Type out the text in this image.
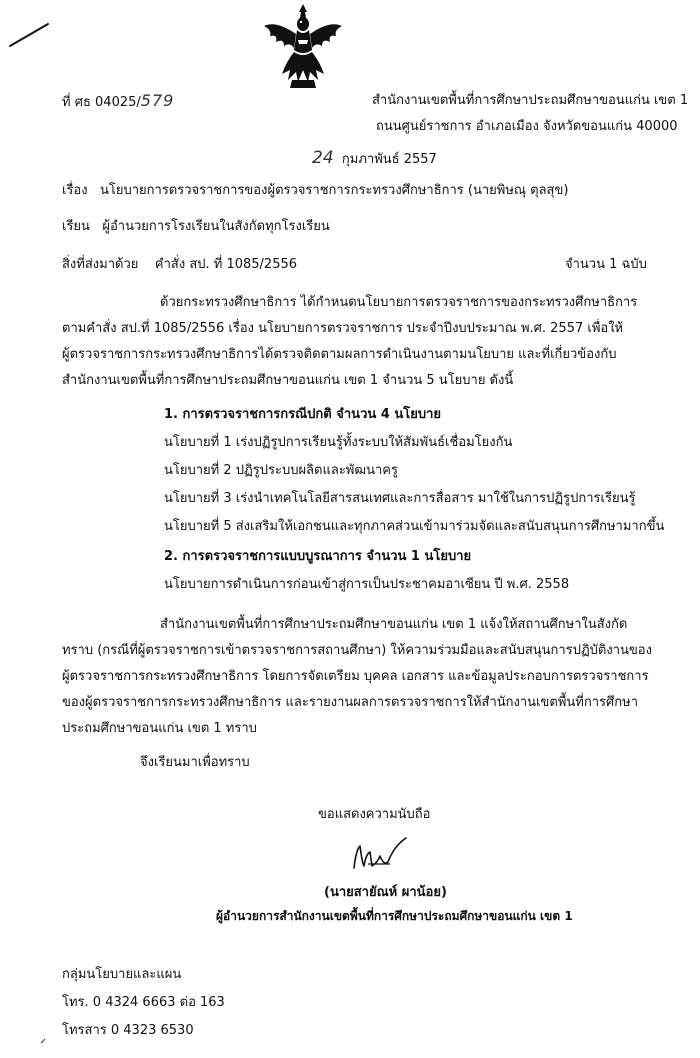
ที่ ศธ 04025/579	สำนักงานเขตพื้นที่การศึกษาประถมศึกษาขอนแก่น เขต 1
ถนนศูนย์ราชการ อำเภอเมือง จังหวัดขอนแก่น 40000
24 กุมภาพันธ์ 2557
เรื่อง นโยบายการตรวจราชการของผู้ตรวจราชการกระทรวงศึกษาธิการ (นายพิษณุ ตุลสุข)
เรียน ผู้อำนวยการโรงเรียนในสังกัดทุกโรงเรียน
สิ่งที่ส่งมาด้วย คำสั่ง สป. ที่ 1085/2556	จำนวน 1 ฉบับ
ด้วยกระทรวงศึกษาธิการ ได้กำหนดนโยบายการตรวจราชการของกระทรวงศึกษาธิการ
ตามคำสั่ง สป.ที่ 1085/2556 เรื่อง นโยบายการตรวจราชการ ประจำปีงบประมาณ พ.ศ. 2557 เพื่อให้
ผู้ตรวจราชการกระทรวงศึกษาธิการได้ตรวจติดตามผลการดำเนินงานตามนโยบาย และที่เกี่ยวข้องกับ
สำนักงานเขตพื้นที่การศึกษาประถมศึกษาขอนแก่น เขต 1 จำนวน 5 นโยบาย ดังนี้
1. การตรวจราชการกรณีปกติ จำนวน 4 นโยบาย
นโยบายที่ 1 เร่งปฏิรูปการเรียนรู้ทั้งระบบให้สัมพันธ์เชื่อมโยงกัน
นโยบายที่ 2 ปฏิรูประบบผลิตและพัฒนาครู
นโยบายที่ 3 เร่งนำเทคโนโลยีสารสนเทศและการสื่อสาร มาใช้ในการปฏิรูปการเรียนรู้
นโยบายที่ 5 ส่งเสริมให้เอกชนและทุกภาคส่วนเข้ามาร่วมจัดและสนับสนุนการศึกษามากขึ้น
2. การตรวจราชการแบบบูรณาการ จำนวน 1 นโยบาย
นโยบายการดำเนินการก่อนเข้าสู่การเป็นประชาคมอาเซียน ปี พ.ศ. 2558
สำนักงานเขตพื้นที่การศึกษาประถมศึกษาขอนแก่น เขต 1 แจ้งให้สถานศึกษาในสังกัด
ทราบ (กรณีที่ผู้ตรวจราชการเข้าตรวจราชการสถานศึกษา) ให้ความร่วมมือและสนับสนุนการปฏิบัติงานของ
ผู้ตรวจราชการกระทรวงศึกษาธิการ โดยการจัดเตรียม บุคคล เอกสาร และข้อมูลประกอบการตรวจราชการ
ของผู้ตรวจราชการกระทรวงศึกษาธิการ และรายงานผลการตรวจราชการให้สำนักงานเขตพื้นที่การศึกษา
ประถมศึกษาขอนแก่น เขต 1 ทราบ
จึงเรียนมาเพื่อทราบ
ขอแสดงความนับถือ
(นายสายัณห์ ผาน้อย)
ผู้อำนวยการสำนักงานเขตพื้นที่การศึกษาประถมศึกษาขอนแก่น เขต 1
กลุ่มนโยบายและแผน
โทร. 0 4324 6663 ต่อ 163
โทรสาร 0 4323 6530
